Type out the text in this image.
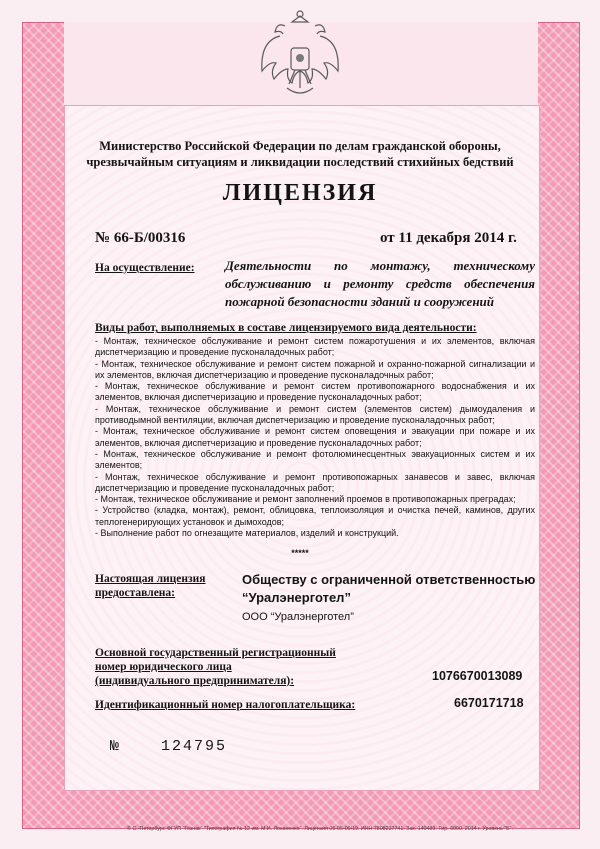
Министерство Российской Федерации по делам гражданской обороны, чрезвычайным ситуациям и ликвидации последствий стихийных бедствий
ЛИЦЕНЗИЯ
№ 66-Б/00316	от 11 декабря 2014 г.
На осуществление: Деятельности по монтажу, техническому обслуживанию и ремонту средств обеспечения пожарной безопасности зданий и сооружений
Виды работ, выполняемых в составе лицензируемого вида деятельности:
- Монтаж, техническое обслуживание и ремонт систем пожаротушения и их элементов, включая диспетчеризацию и проведение пусконаладочных работ;
- Монтаж, техническое обслуживание и ремонт систем пожарной и охранно-пожарной сигнализации и их элементов, включая диспетчеризацию и проведение пусконаладочных работ;
- Монтаж, техническое обслуживание и ремонт систем противопожарного водоснабжения и их элементов, включая диспетчеризацию и проведение пусконаладочных работ;
- Монтаж, техническое обслуживание и ремонт систем (элементов систем) дымоудаления и противодымной вентиляции, включая диспетчеризацию и проведение пусконаладочных работ;
- Монтаж, техническое обслуживание и ремонт систем оповещения и эвакуации при пожаре и их элементов, включая диспетчеризацию и проведение пусконаладочных работ;
- Монтаж, техническое обслуживание и ремонт фотолюминесцентных эвакуационных систем и их элементов;
- Монтаж, техническое обслуживание и ремонт противопожарных занавесов и завес, включая диспетчеризацию и проведение пусконаладочных работ;
- Монтаж, техническое обслуживание и ремонт заполнений проемов в противопожарных преградах;
- Устройство (кладка, монтаж), ремонт, облицовка, теплоизоляция и очистка печей, каминов, других теплогенерирующих установок и дымоходов;
- Выполнение работ по огнезащите материалов, изделий и конструкций.
*****
Настоящая лицензия
предоставлена:
Обществу с ограниченной ответственностью
“Уралэнерготел”
ООО “Уралэнерготел”
Основной государственный регистрационный
номер юридического лица
(индивидуального предпринимателя):	1076670013089
Идентификационный номер налогоплательщика:	6670171718
№	124795
© С.-Петербург. ФГУП "Гознак" "Типография № 12 им. М.И. Локаненко". Лицензия 05-05-09/19. ИНН 7808237741. Зак. 140489. Тир. 6000. 2014 г. Уровень "Б".
